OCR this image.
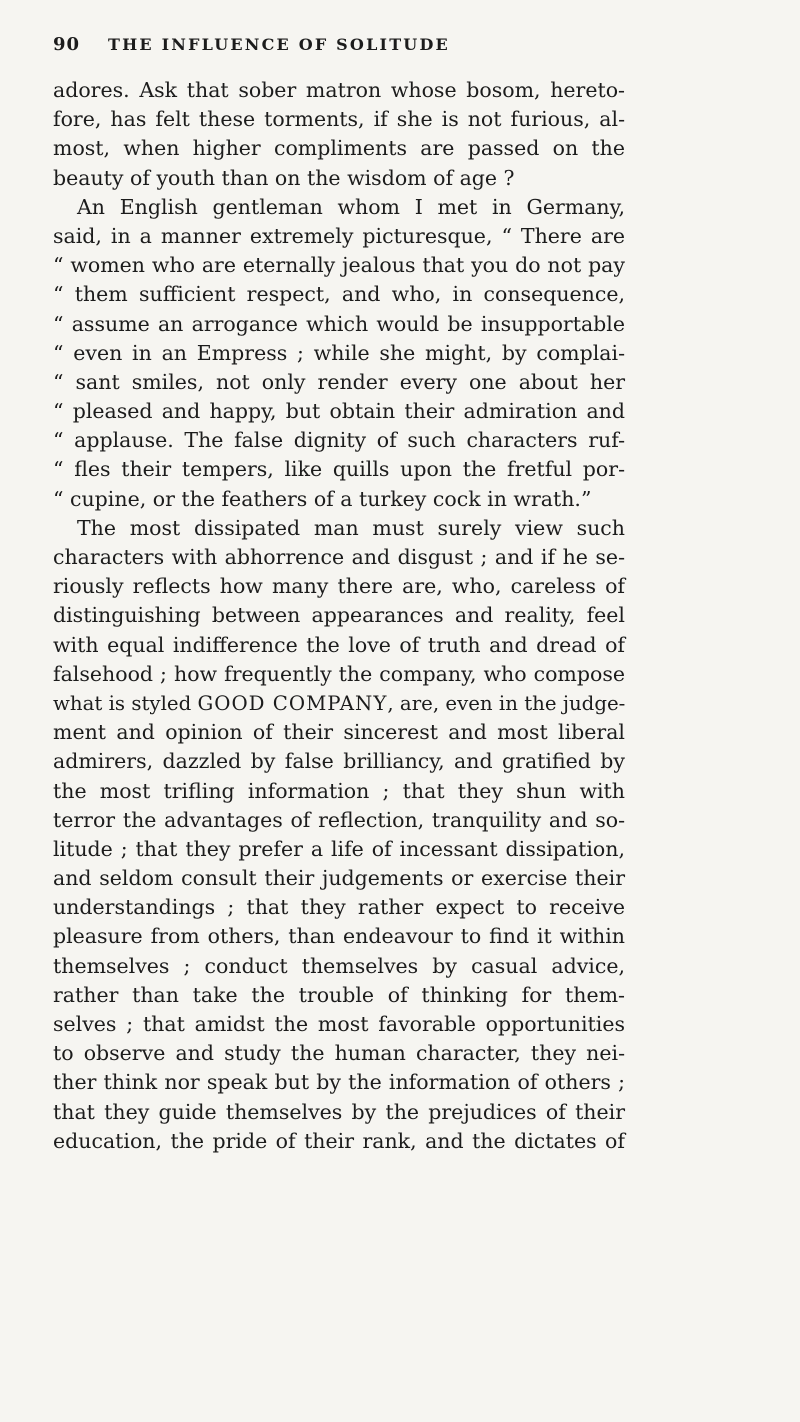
90 THE INFLUENCE OF SOLITUDE
adores. Ask that sober matron whose bosom, hereto-
fore, has felt these torments, if she is not furious, al-
most, when higher compliments are passed on the
beauty of youth than on the wisdom of age ?
An English gentleman whom I met in Germany,
said, in a manner extremely picturesque, “ There are
“ women who are eternally jealous that you do not pay
“ them sufficient respect, and who, in consequence,
“ assume an arrogance which would be insupportable
“ even in an Empress ; while she might, by complai-
“ sant smiles, not only render every one about her
“ pleased and happy, but obtain their admiration and
“ applause. The false dignity of such characters ruf-
“ fles their tempers, like quills upon the fretful por-
“ cupine, or the feathers of a turkey cock in wrath.”
The most dissipated man must surely view such
characters with abhorrence and disgust ; and if he se-
riously reflects how many there are, who, careless of
distinguishing between appearances and reality, feel
with equal indifference the love of truth and dread of
falsehood ; how frequently the company, who compose
what is styled GOOD COMPANY, are, even in the judge-
ment and opinion of their sincerest and most liberal
admirers, dazzled by false brilliancy, and gratified by
the most trifling information ; that they shun with
terror the advantages of reflection, tranquility and so-
litude ; that they prefer a life of incessant dissipation,
and seldom consult their judgements or exercise their
understandings ; that they rather expect to receive
pleasure from others, than endeavour to find it within
themselves ; conduct themselves by casual advice,
rather than take the trouble of thinking for them-
selves ; that amidst the most favorable opportunities
to observe and study the human character, they nei-
ther think nor speak but by the information of others ;
that they guide themselves by the prejudices of their
education, the pride of their rank, and the dictates of
